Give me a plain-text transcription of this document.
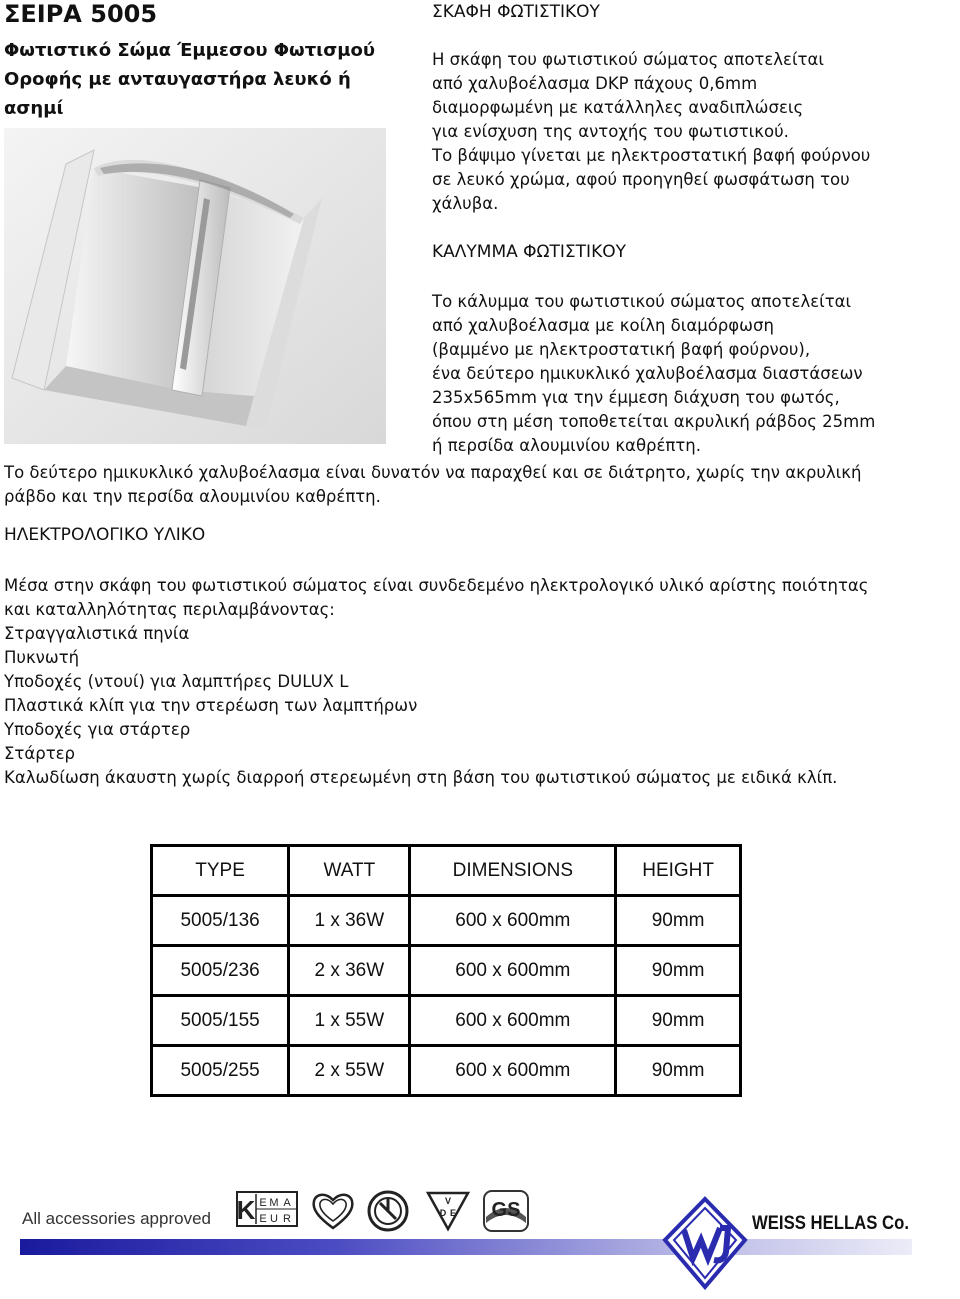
ΣΕΙΡΑ 5005
Φωτιστικό Σώμα Έμμεσου Φωτισμού Οροφής με ανταυγαστήρα λευκό ή ασημί
ΣΚΑΦΗ ΦΩΤΙΣΤΙΚΟΥ
Η σκάφη του φωτιστικού σώματος αποτελείται
από χαλυβοέλασμα DKP πάχους 0,6mm
διαμορφωμένη με κατάλληλες αναδιπλώσεις
για ενίσχυση της αντοχής του φωτιστικού.
Το βάψιμο γίνεται με ηλεκτροστατική βαφή φούρνου
σε λευκό χρώμα, αφού προηγηθεί φωσφάτωση του
χάλυβα.
ΚΑΛΥΜΜΑ ΦΩΤΙΣΤΙΚΟΥ
Το κάλυμμα του φωτιστικού σώματος αποτελείται
από χαλυβοέλασμα με κοίλη διαμόρφωση
(βαμμένο με ηλεκτροστατική βαφή φούρνου),
ένα δεύτερο ημικυκλικό χαλυβοέλασμα διαστάσεων
235x565mm για την έμμεση διάχυση του φωτός,
όπου στη μέση τοποθετείται ακρυλική ράβδος 25mm
ή περσίδα αλουμινίου καθρέπτη.
Το δεύτερο ημικυκλικό χαλυβοέλασμα είναι δυνατόν να παραχθεί και σε διάτρητο, χωρίς την ακρυλική
ράβδο και την περσίδα αλουμινίου καθρέπτη.
ΗΛΕΚΤΡΟΛΟΓΙΚΟ ΥΛΙΚΟ
Μέσα στην σκάφη του φωτιστικού σώματος είναι συνδεδεμένο ηλεκτρολογικό υλικό αρίστης ποιότητας
και καταλληλότητας περιλαμβάνοντας:
Στραγγαλιστικά πηνία
Πυκνωτή
Υποδοχές (ντουί) για λαμπτήρες DULUX L
Πλαστικά κλίπ για την στερέωση των λαμπτήρων
Υποδοχές για στάρτερ
Στάρτερ
Καλωδίωση άκαυστη χωρίς διαρροή στερεωμένη στη βάση του φωτιστικού σώματος με ειδικά κλίπ.
TYPE	WATT	DIMENSIONS	HEIGHT
5005/136	1 x 36W	600 x 600mm	90mm
5005/236	2 x 36W	600 x 600mm	90mm
5005/155	1 x 55W	600 x 600mm	90mm
5005/255	2 x 55W	600 x 600mm	90mm
All accessories approved K E M A
E U R
V
D E GS
WEISS HELLAS Co.
